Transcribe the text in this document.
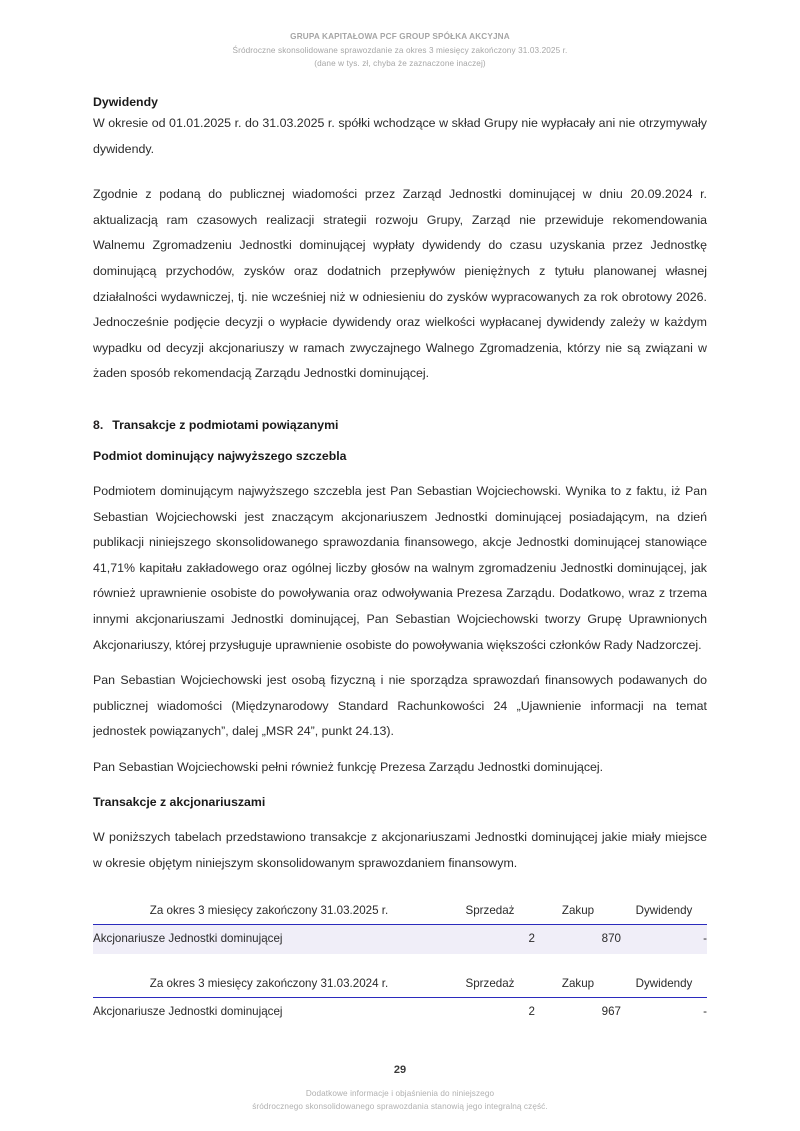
GRUPA KAPITAŁOWA PCF GROUP SPÓŁKA AKCYJNA
Śródroczne skonsolidowane sprawozdanie za okres 3 miesięcy zakończony 31.03.2025 r.
(dane w tys. zł, chyba że zaznaczone inaczej)
Dywidendy

W okresie od 01.01.2025 r. do 31.03.2025 r. spółki wchodzące w skład Grupy nie wypłacały ani nie otrzymywały dywidendy.

Zgodnie z podaną do publicznej wiadomości przez Zarząd Jednostki dominującej w dniu 20.09.2024 r. aktualizacją ram czasowych realizacji strategii rozwoju Grupy, Zarząd nie przewiduje rekomendowania Walnemu Zgromadzeniu Jednostki dominującej wypłaty dywidendy do czasu uzyskania przez Jednostkę dominującą przychodów, zysków oraz dodatnich przepływów pieniężnych z tytułu planowanej własnej działalności wydawniczej, tj. nie wcześniej niż w odniesieniu do zysków wypracowanych za rok obrotowy 2026. Jednocześnie podjęcie decyzji o wypłacie dywidendy oraz wielkości wypłacanej dywidendy zależy w każdym wypadku od decyzji akcjonariuszy w ramach zwyczajnego Walnego Zgromadzenia, którzy nie są związani w żaden sposób rekomendacją Zarządu Jednostki dominującej.

8. Transakcje z podmiotami powiązanymi
Podmiot dominujący najwyższego szczebla

Podmiotem dominującym najwyższego szczebla jest Pan Sebastian Wojciechowski. Wynika to z faktu, iż Pan Sebastian Wojciechowski jest znaczącym akcjonariuszem Jednostki dominującej posiadającym, na dzień publikacji niniejszego skonsolidowanego sprawozdania finansowego, akcje Jednostki dominującej stanowiące 41,71% kapitału zakładowego oraz ogólnej liczby głosów na walnym zgromadzeniu Jednostki dominującej, jak również uprawnienie osobiste do powoływania oraz odwoływania Prezesa Zarządu. Dodatkowo, wraz z trzema innymi akcjonariuszami Jednostki dominującej, Pan Sebastian Wojciechowski tworzy Grupę Uprawnionych Akcjonariuszy, której przysługuje uprawnienie osobiste do powoływania większości członków Rady Nadzorczej.

Pan Sebastian Wojciechowski jest osobą fizyczną i nie sporządza sprawozdań finansowych podawanych do publicznej wiadomości (Międzynarodowy Standard Rachunkowości 24 „Ujawnienie informacji na temat jednostek powiązanych”, dalej „MSR 24”, punkt 24.13).

Pan Sebastian Wojciechowski pełni również funkcję Prezesa Zarządu Jednostki dominującej.

Transakcje z akcjonariuszami

W poniższych tabelach przedstawiono transakcje z akcjonariuszami Jednostki dominującej jakie miały miejsce w okresie objętym niniejszym skonsolidowanym sprawozdaniem finansowym.

Za okres 3 miesięcy zakończony 31.03.2025 r.	Sprzedaż	Zakup	Dywidendy
Akcjonariusze Jednostki dominującej	2	870	-
Za okres 3 miesięcy zakończony 31.03.2024 r.	Sprzedaż	Zakup	Dywidendy
Akcjonariusze Jednostki dominującej	2	967	-
29
Dodatkowe informacje i objaśnienia do niniejszego
śródrocznego skonsolidowanego sprawozdania stanowią jego integralną część.
